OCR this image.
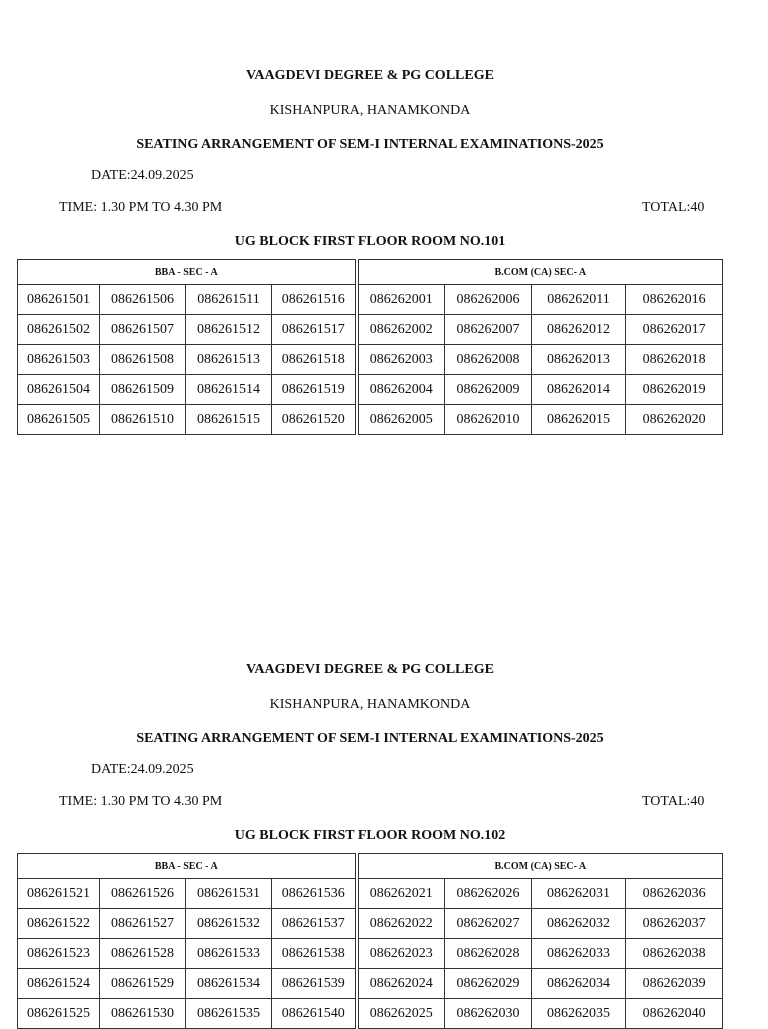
VAAGDEVI DEGREE & PG COLLEGE
KISHANPURA, HANAMKONDA
SEATING ARRANGEMENT OF SEM-I INTERNAL EXAMINATIONS-2025
DATE:24.09.2025
TIME: 1.30 PM TO 4.30 PM	TOTAL:40
UG BLOCK FIRST FLOOR ROOM NO.101
BBA - SEC - A				B.COM (CA) SEC- A			
086261501	086261506	086261511	086261516	086262001	086262006	086262011	086262016
086261502	086261507	086261512	086261517	086262002	086262007	086262012	086262017
086261503	086261508	086261513	086261518	086262003	086262008	086262013	086262018
086261504	086261509	086261514	086261519	086262004	086262009	086262014	086262019
086261505	086261510	086261515	086261520	086262005	086262010	086262015	086262020
VAAGDEVI DEGREE & PG COLLEGE
KISHANPURA, HANAMKONDA
SEATING ARRANGEMENT OF SEM-I INTERNAL EXAMINATIONS-2025
DATE:24.09.2025
TIME: 1.30 PM TO 4.30 PM	TOTAL:40
UG BLOCK FIRST FLOOR ROOM NO.102
BBA - SEC - A				B.COM (CA) SEC- A			
086261521	086261526	086261531	086261536	086262021	086262026	086262031	086262036
086261522	086261527	086261532	086261537	086262022	086262027	086262032	086262037
086261523	086261528	086261533	086261538	086262023	086262028	086262033	086262038
086261524	086261529	086261534	086261539	086262024	086262029	086262034	086262039
086261525	086261530	086261535	086261540	086262025	086262030	086262035	086262040
